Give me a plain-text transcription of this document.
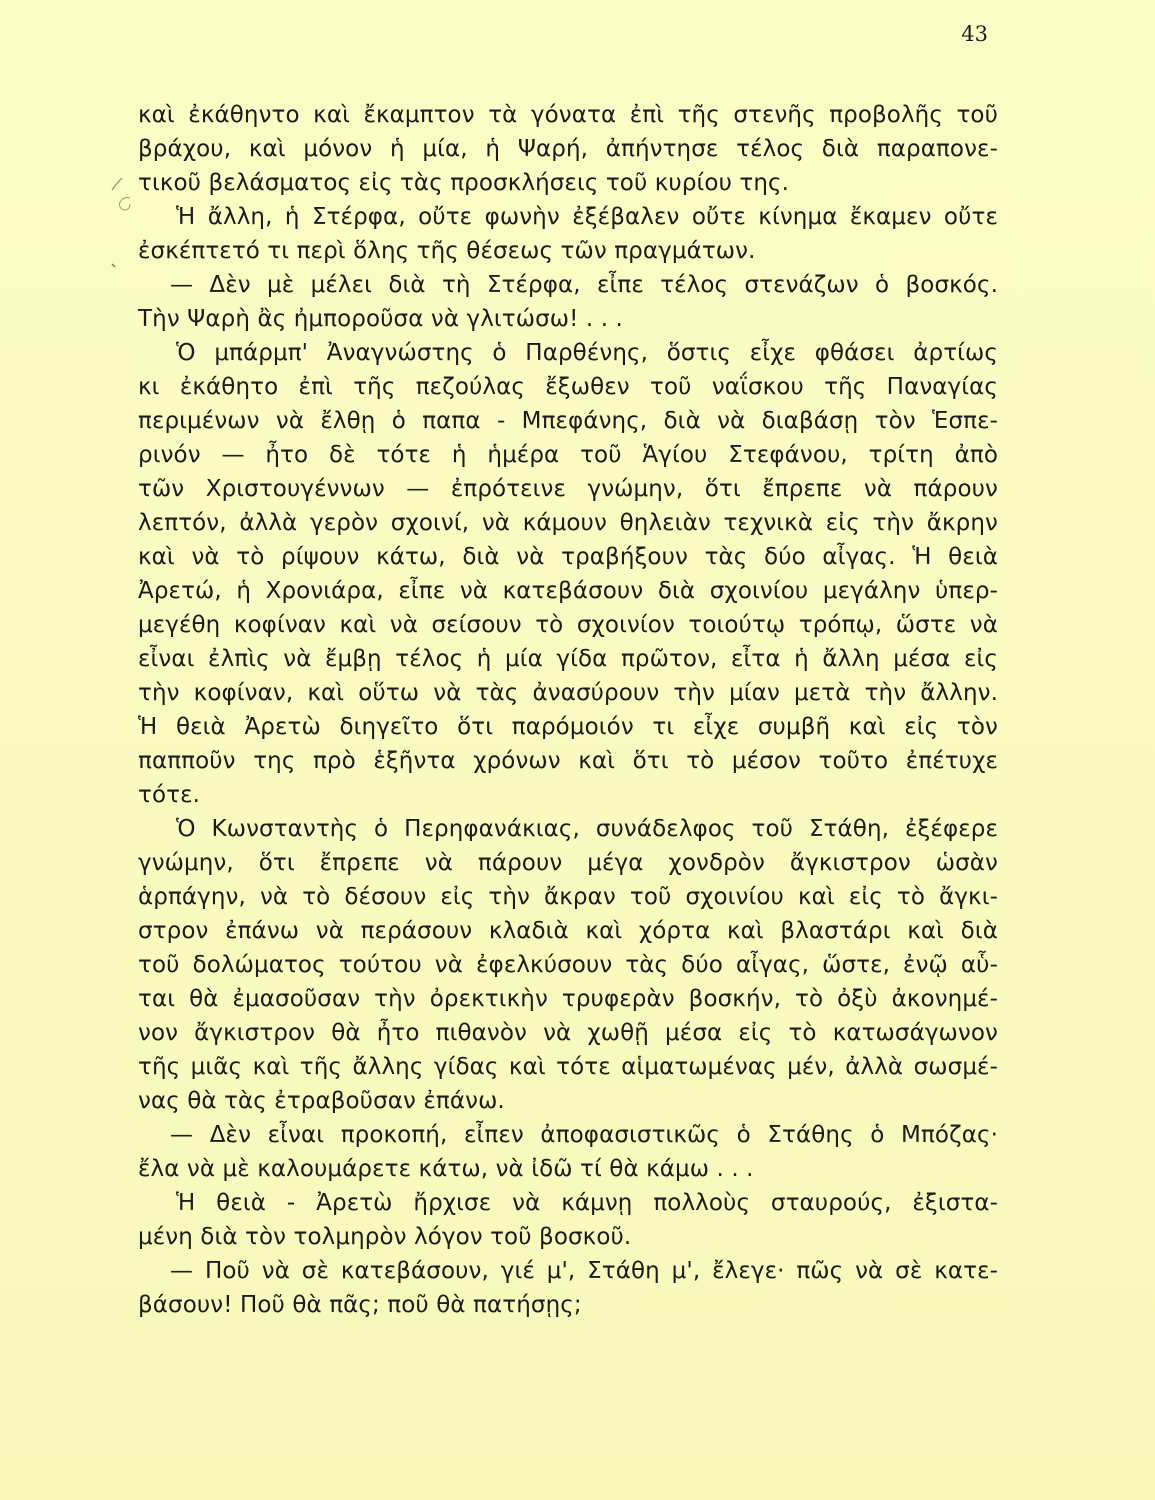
43
καὶ ἐκάθηντο καὶ ἔκαμπτον τὰ γόνατα ἐπὶ τῆς στενῆς προβολῆς τοῦ
βράχου, καὶ μόνον ἡ μία, ἡ Ψαρή, ἀπήντησε τέλος διὰ παραπονε-
τικοῦ βελάσματος εἰς τὰς προσκλήσεις τοῦ κυρίου της.
Ἡ ἄλλη, ἡ Στέρφα, οὔτε φωνὴν ἐξέβαλεν οὔτε κίνημα ἔκαμεν οὔτε
ἐσκέπτετό τι περὶ ὅλης τῆς θέσεως τῶν πραγμάτων.
— Δὲν μὲ μέλει διὰ τὴ Στέρφα, εἶπε τέλος στενάζων ὁ βοσκός.
Τὴν Ψαρὴ ἂς ἠμποροῦσα νὰ γλιτώσω! . . .
Ὁ μπάρμπ' Ἀναγνώστης ὁ Παρθένης, ὅστις εἶχε φθάσει ἀρτίως
κι ἐκάθητο ἐπὶ τῆς πεζούλας ἔξωθεν τοῦ ναΐσκου τῆς Παναγίας
περιμένων νὰ ἔλθῃ ὁ παπα - Μπεφάνης, διὰ νὰ διαβάσῃ τὸν Ἑσπε-
ρινόν — ἦτο δὲ τότε ἡ ἡμέρα τοῦ Ἁγίου Στεφάνου, τρίτη ἀπὸ
τῶν Χριστουγέννων — ἐπρότεινε γνώμην, ὅτι ἔπρεπε νὰ πάρουν
λεπτόν, ἀλλὰ γερὸν σχοινί, νὰ κάμουν θηλειὰν τεχνικὰ εἰς τὴν ἄκρην
καὶ νὰ τὸ ρίψουν κάτω, διὰ νὰ τραβήξουν τὰς δύο αἶγας. Ἡ θειὰ
Ἀρετώ, ἡ Χρονιάρα, εἶπε νὰ κατεβάσουν διὰ σχοινίου μεγάλην ὑπερ-
μεγέθη κοφίναν καὶ νὰ σείσουν τὸ σχοινίον τοιούτῳ τρόπῳ, ὥστε νὰ
εἶναι ἐλπὶς νὰ ἔμβῃ τέλος ἡ μία γίδα πρῶτον, εἶτα ἡ ἄλλη μέσα εἰς
τὴν κοφίναν, καὶ οὕτω νὰ τὰς ἀνασύρουν τὴν μίαν μετὰ τὴν ἄλλην.
Ἡ θειὰ Ἀρετὼ διηγεῖτο ὅτι παρόμοιόν τι εἶχε συμβῆ καὶ εἰς τὸν
παπποῦν της πρὸ ἑξῆντα χρόνων καὶ ὅτι τὸ μέσον τοῦτο ἐπέτυχε
τότε.
Ὁ Κωνσταντὴς ὁ Περηφανάκιας, συνάδελφος τοῦ Στάθη, ἐξέφερε
γνώμην, ὅτι ἔπρεπε νὰ πάρουν μέγα χονδρὸν ἄγκιστρον ὡσὰν
ἁρπάγην, νὰ τὸ δέσουν εἰς τὴν ἄκραν τοῦ σχοινίου καὶ εἰς τὸ ἄγκι-
στρον ἐπάνω νὰ περάσουν κλαδιὰ καὶ χόρτα καὶ βλαστάρι καὶ διὰ
τοῦ δολώματος τούτου νὰ ἐφελκύσουν τὰς δύο αἶγας, ὥστε, ἐνῷ αὗ-
ται θὰ ἐμασοῦσαν τὴν ὀρεκτικὴν τρυφερὰν βοσκήν, τὸ ὀξὺ ἀκονημέ-
νον ἄγκιστρον θὰ ἦτο πιθανὸν νὰ χωθῇ μέσα εἰς τὸ κατωσάγωνον
τῆς μιᾶς καὶ τῆς ἄλλης γίδας καὶ τότε αἱματωμένας μέν, ἀλλὰ σωσμέ-
νας θὰ τὰς ἐτραβοῦσαν ἐπάνω.
— Δὲν εἶναι προκοπή, εἶπεν ἀποφασιστικῶς ὁ Στάθης ὁ Μπόζας·
ἔλα νὰ μὲ καλουμάρετε κάτω, νὰ ἰδῶ τί θὰ κάμω . . .
Ἡ θειὰ - Ἀρετὼ ἤρχισε νὰ κάμνῃ πολλοὺς σταυρούς, ἐξιστα-
μένη διὰ τὸν τολμηρὸν λόγον τοῦ βοσκοῦ.
— Ποῦ νὰ σὲ κατεβάσουν, γιέ μ', Στάθη μ', ἔλεγε· πῶς νὰ σὲ κατε-
βάσουν! Ποῦ θὰ πᾶς; ποῦ θὰ πατήσῃς;
